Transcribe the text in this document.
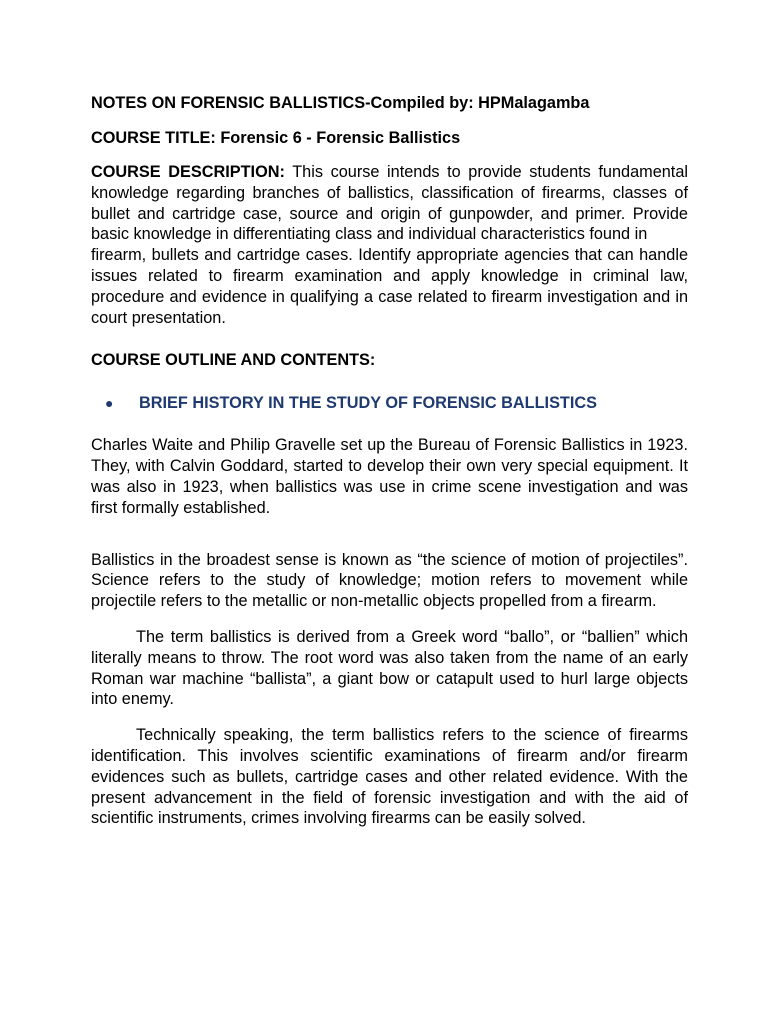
NOTES ON FORENSIC BALLISTICS-Compiled by: HPMalagamba

COURSE TITLE: Forensic 6 - Forensic Ballistics

COURSE DESCRIPTION: This course intends to provide students fundamental knowledge regarding branches of ballistics, classification of firearms, classes of bullet and cartridge case, source and origin of gunpowder, and primer. Provide basic knowledge in differentiating class and individual characteristics found in
firearm, bullets and cartridge cases. Identify appropriate agencies that can handle issues related to firearm examination and apply knowledge in criminal law, procedure and evidence in qualifying a case related to firearm investigation and in court presentation.

COURSE OUTLINE AND CONTENTS:

●	BRIEF HISTORY IN THE STUDY OF FORENSIC BALLISTICS

Charles Waite and Philip Gravelle set up the Bureau of Forensic Ballistics in 1923. They, with Calvin Goddard, started to develop their own very special equipment. It was also in 1923, when ballistics was use in crime scene investigation and was first formally established.

Ballistics in the broadest sense is known as “the science of motion of projectiles”. Science refers to the study of knowledge; motion refers to movement while projectile refers to the metallic or non-metallic objects propelled from a firearm.

The term ballistics is derived from a Greek word “ballo”, or “ballien” which literally means to throw. The root word was also taken from the name of an early Roman war machine “ballista”, a giant bow or catapult used to hurl large objects into enemy.

Technically speaking, the term ballistics refers to the science of firearms identification. This involves scientific examinations of firearm and/or firearm evidences such as bullets, cartridge cases and other related evidence. With the present advancement in the field of forensic investigation and with the aid of scientific instruments, crimes involving firearms can be easily solved.
